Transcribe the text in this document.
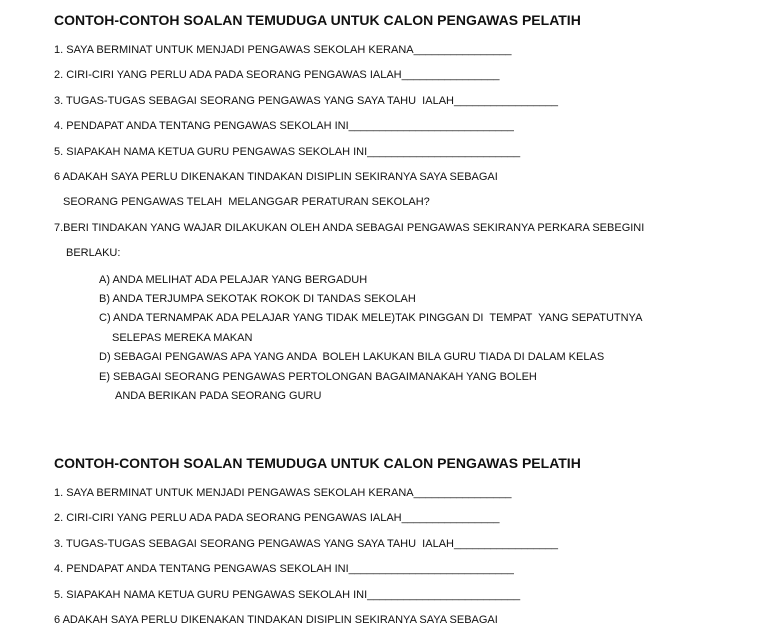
CONTOH-CONTOH SOALAN TEMUDUGA UNTUK CALON PENGAWAS PELATIH
1. SAYA BERMINAT UNTUK MENJADI PENGAWAS SEKOLAH KERANA________________
2. CIRI-CIRI YANG PERLU ADA PADA SEORANG PENGAWAS IALAH________________
3. TUGAS-TUGAS SEBAGAI SEORANG PENGAWAS YANG SAYA TAHU  IALAH_________________
4. PENDAPAT ANDA TENTANG PENGAWAS SEKOLAH INI___________________________
5. SIAPAKAH NAMA KETUA GURU PENGAWAS SEKOLAH INI_________________________
6 ADAKAH SAYA PERLU DIKENAKAN TINDAKAN DISIPLIN SEKIRANYA SAYA SEBAGAI
SEORANG PENGAWAS TELAH  MELANGGAR PERATURAN SEKOLAH?
7.BERI TINDAKAN YANG WAJAR DILAKUKAN OLEH ANDA SEBAGAI PENGAWAS SEKIRANYA PERKARA SEBEGINI
BERLAKU:
A) ANDA MELIHAT ADA PELAJAR YANG BERGADUH
B) ANDA TERJUMPA SEKOTAK ROKOK DI TANDAS SEKOLAH
C) ANDA TERNAMPAK ADA PELAJAR YANG TIDAK MELE)TAK PINGGAN DI  TEMPAT  YANG SEPATUTNYA
SELEPAS MEREKA MAKAN
D) SEBAGAI PENGAWAS APA YANG ANDA  BOLEH LAKUKAN BILA GURU TIADA DI DALAM KELAS
E) SEBAGAI SEORANG PENGAWAS PERTOLONGAN BAGAIMANAKAH YANG BOLEH
ANDA BERIKAN PADA SEORANG GURU
CONTOH-CONTOH SOALAN TEMUDUGA UNTUK CALON PENGAWAS PELATIH
1. SAYA BERMINAT UNTUK MENJADI PENGAWAS SEKOLAH KERANA________________
2. CIRI-CIRI YANG PERLU ADA PADA SEORANG PENGAWAS IALAH________________
3. TUGAS-TUGAS SEBAGAI SEORANG PENGAWAS YANG SAYA TAHU  IALAH_________________
4. PENDAPAT ANDA TENTANG PENGAWAS SEKOLAH INI___________________________
5. SIAPAKAH NAMA KETUA GURU PENGAWAS SEKOLAH INI_________________________
6 ADAKAH SAYA PERLU DIKENAKAN TINDAKAN DISIPLIN SEKIRANYA SAYA SEBAGAI
